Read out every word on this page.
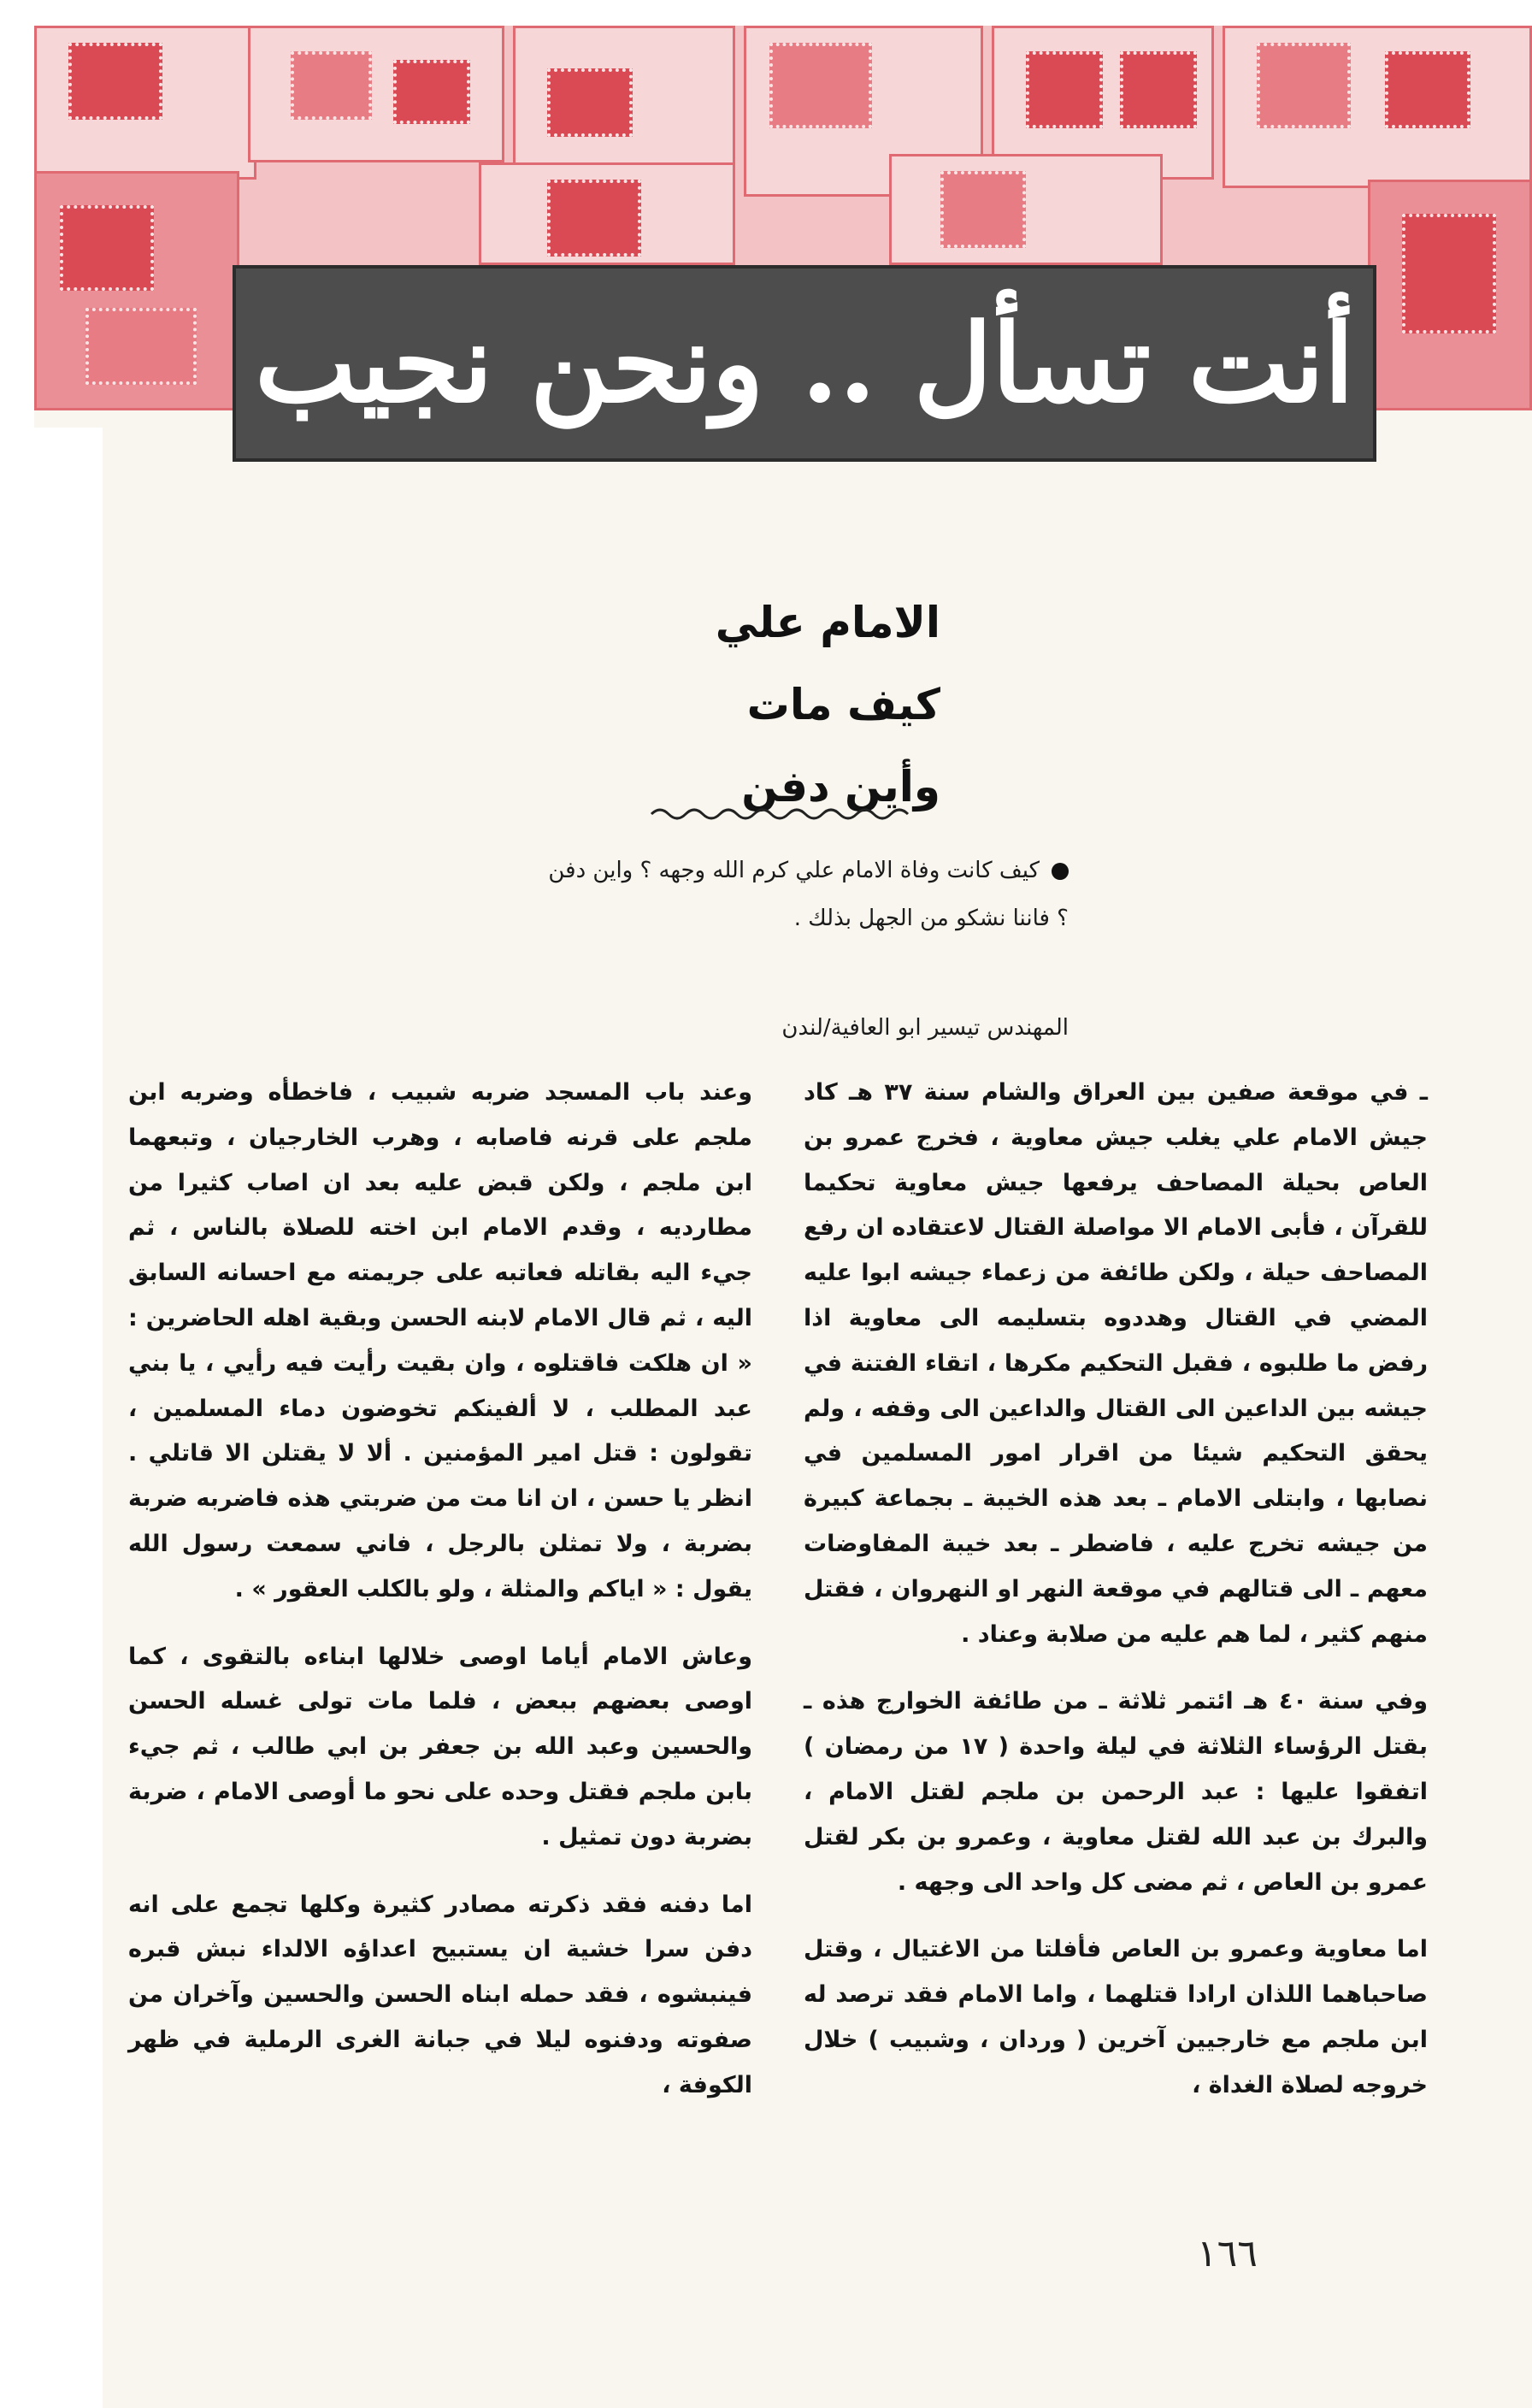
أنت تسأل .. ونحن نجيب
الامام علي
كيف مات
وأين دفن
كيف كانت وفاة الامام علي كرم الله وجهه ؟ واين دفن ؟ فاننا نشكو من الجهل بذلك .
المهندس تيسير ابو العافية/لندن

ـ في موقعة صفين بين العراق والشام سنة ٣٧ هـ كاد جيش الامام علي يغلب جيش معاوية ، فخرج عمرو بن العاص بحيلة المصاحف يرفعها جيش معاوية تحكيما للقرآن ، فأبى الامام الا مواصلة القتال لاعتقاده ان رفع المصاحف حيلة ، ولكن طائفة من زعماء جيشه ابوا عليه المضي في القتال وهددوه بتسليمه الى معاوية اذا رفض ما طلبوه ، فقبل التحكيم مكرها ، اتقاء الفتنة في جيشه بين الداعين الى القتال والداعين الى وقفه ، ولم يحقق التحكيم شيئا من اقرار امور المسلمين في نصابها ، وابتلى الامام ـ بعد هذه الخيبة ـ بجماعة كبيرة من جيشه تخرج عليه ، فاضطر ـ بعد خيبة المفاوضات معهم ـ الى قتالهم في موقعة النهر او النهروان ، فقتل منهم كثير ، لما هم عليه من صلابة وعناد .

وفي سنة ٤٠ هـ ائتمر ثلاثة ـ من طائفة الخوارج هذه ـ بقتل الرؤساء الثلاثة في ليلة واحدة ( ١٧ من رمضان ) اتفقوا عليها : عبد الرحمن بن ملجم لقتل الامام ، والبرك بن عبد الله لقتل معاوية ، وعمرو بن بكر لقتل عمرو بن العاص ، ثم مضى كل واحد الى وجهه .

اما معاوية وعمرو بن العاص فأفلتا من الاغتيال ، وقتل صاحباهما اللذان ارادا قتلهما ، واما الامام فقد ترصد له ابن ملجم مع خارجيين آخرين ( وردان ، وشبيب ) خلال خروجه لصلاة الغداة ،

وعند باب المسجد ضربه شبيب ، فاخطأه وضربه ابن ملجم على قرنه فاصابه ، وهرب الخارجيان ، وتبعهما ابن ملجم ، ولكن قبض عليه بعد ان اصاب كثيرا من مطارديه ، وقدم الامام ابن اخته للصلاة بالناس ، ثم جيء اليه بقاتله فعاتبه على جريمته مع احسانه السابق اليه ، ثم قال الامام لابنه الحسن وبقية اهله الحاضرين : « ان هلكت فاقتلوه ، وان بقيت رأيت فيه رأيي ، يا بني عبد المطلب ، لا ألفينكم تخوضون دماء المسلمين ، تقولون : قتل امير المؤمنين . ألا لا يقتلن الا قاتلي . انظر يا حسن ، ان انا مت من ضربتي هذه فاضربه ضربة بضربة ، ولا تمثلن بالرجل ، فاني سمعت رسول الله يقول : « اياكم والمثلة ، ولو بالكلب العقور » .

وعاش الامام أياما اوصى خلالها ابناءه بالتقوى ، كما اوصى بعضهم ببعض ، فلما مات تولى غسله الحسن والحسين وعبد الله بن جعفر بن ابي طالب ، ثم جيء بابن ملجم فقتل وحده على نحو ما أوصى الامام ، ضربة بضربة دون تمثيل .

اما دفنه فقد ذكرته مصادر كثيرة وكلها تجمع على انه دفن سرا خشية ان يستبيح اعداؤه الالداء نبش قبره فينبشوه ، فقد حمله ابناه الحسن والحسين وآخران من صفوته ودفنوه ليلا في جبانة الغرى الرملية في ظهر الكوفة ،

١٦٦
